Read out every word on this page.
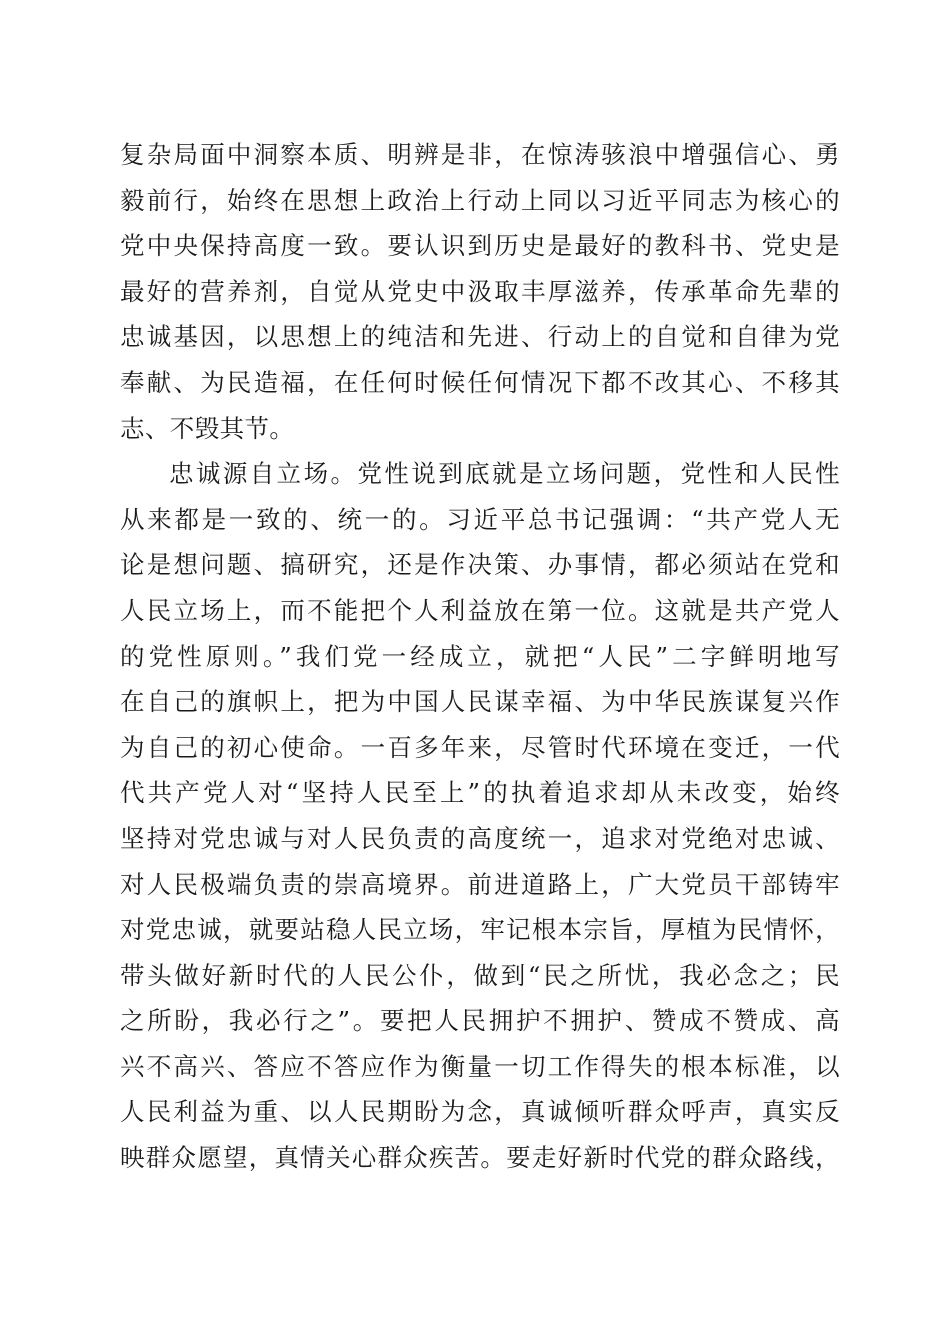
复杂局面中洞察本质、明辨是非，在惊涛骇浪中增强信心、勇
毅前行，始终在思想上政治上行动上同以习近平同志为核心的
党中央保持高度一致。要认识到历史是最好的教科书、党史是
最好的营养剂，自觉从党史中汲取丰厚滋养，传承革命先辈的
忠诚基因，以思想上的纯洁和先进、行动上的自觉和自律为党
奉献、为民造福，在任何时候任何情况下都不改其心、不移其
志、不毁其节。
忠诚源自立场。党性说到底就是立场问题，党性和人民性
从来都是一致的、统一的。习近平总书记强调：“共产党人无
论是想问题、搞研究，还是作决策、办事情，都必须站在党和
人民立场上，而不能把个人利益放在第一位。这就是共产党人
的党性原则。”我们党一经成立，就把“人民”二字鲜明地写
在自己的旗帜上，把为中国人民谋幸福、为中华民族谋复兴作
为自己的初心使命。一百多年来，尽管时代环境在变迁，一代
代共产党人对“坚持人民至上”的执着追求却从未改变，始终
坚持对党忠诚与对人民负责的高度统一，追求对党绝对忠诚、
对人民极端负责的崇高境界。前进道路上，广大党员干部铸牢
对党忠诚，就要站稳人民立场，牢记根本宗旨，厚植为民情怀，
带头做好新时代的人民公仆，做到“民之所忧，我必念之；民
之所盼，我必行之”。要把人民拥护不拥护、赞成不赞成、高
兴不高兴、答应不答应作为衡量一切工作得失的根本标准，以
人民利益为重、以人民期盼为念，真诚倾听群众呼声，真实反
映群众愿望，真情关心群众疾苦。要走好新时代党的群众路线，
